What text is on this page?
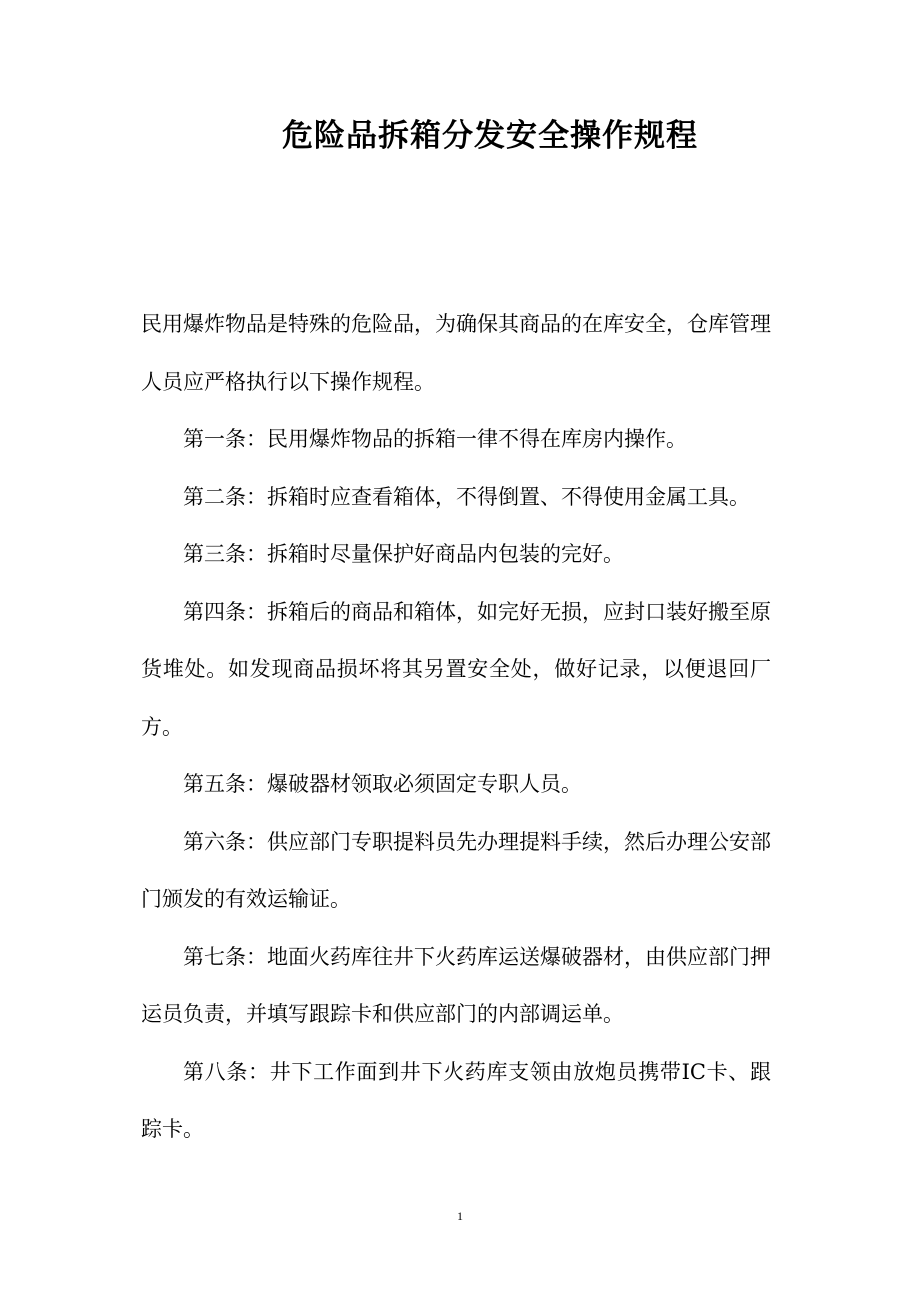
危险品拆箱分发安全操作规程

民用爆炸物品是特殊的危险品，为确保其商品的在库安全，仓库管理人员应严格执行以下操作规程。

第一条：民用爆炸物品的拆箱一律不得在库房内操作。

第二条：拆箱时应查看箱体，不得倒置、不得使用金属工具。

第三条：拆箱时尽量保护好商品内包装的完好。

第四条：拆箱后的商品和箱体，如完好无损，应封口装好搬至原货堆处。如发现商品损坏将其另置安全处，做好记录，以便退回厂方。

第五条：爆破器材领取必须固定专职人员。

第六条：供应部门专职提料员先办理提料手续，然后办理公安部门颁发的有效运输证。

第七条：地面火药库往井下火药库运送爆破器材，由供应部门押运员负责，并填写跟踪卡和供应部门的内部调运单。

第八条：井下工作面到井下火药库支领由放炮员携带IC卡、跟踪卡。

1
